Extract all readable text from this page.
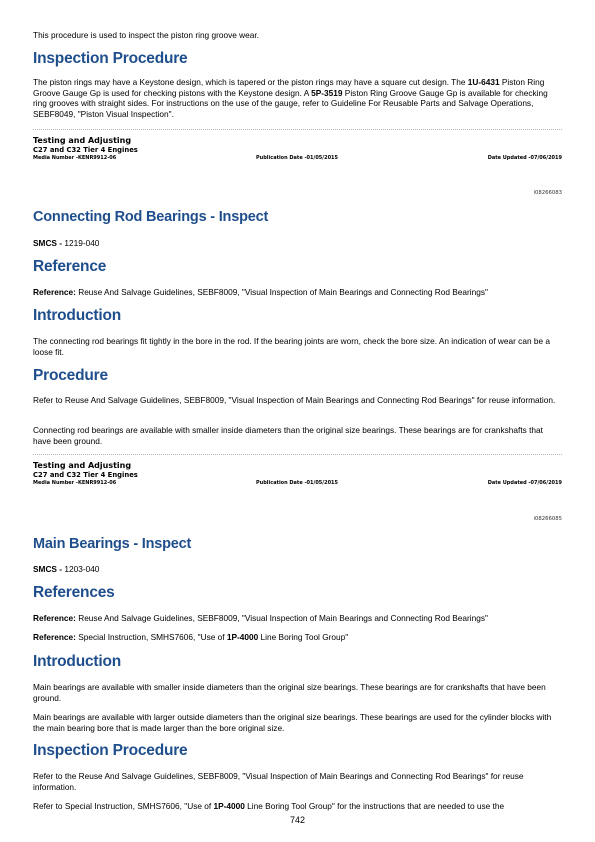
This procedure is used to inspect the piston ring groove wear.

Inspection Procedure

The piston rings may have a Keystone design, which is tapered or the piston rings may have a square cut design. The 1U-6431 Piston Ring Groove Gauge Gp is used for checking pistons with the Keystone design. A 5P-3519 Piston Ring Groove Gauge Gp is available for checking ring grooves with straight sides. For instructions on the use of the gauge, refer to Guideline For Reusable Parts and Salvage Operations, SEBF8049, "Piston Visual Inspection".

Testing and Adjusting
C27 and C32 Tier 4 Engines
Media Number -KENR9912-06	Publication Date -01/05/2015	Date Updated -07/06/2019
i08266083
Connecting Rod Bearings - Inspect

SMCS - 1219-040

Reference

Reference: Reuse And Salvage Guidelines, SEBF8009, "Visual Inspection of Main Bearings and Connecting Rod Bearings"

Introduction

The connecting rod bearings fit tightly in the bore in the rod. If the bearing joints are worn, check the bore size. An indication of wear can be a loose fit.

Procedure

Refer to Reuse And Salvage Guidelines, SEBF8009, "Visual Inspection of Main Bearings and Connecting Rod Bearings" for reuse information.

Connecting rod bearings are available with smaller inside diameters than the original size bearings. These bearings are for crankshafts that have been ground.

Testing and Adjusting
C27 and C32 Tier 4 Engines
Media Number -KENR9912-06	Publication Date -01/05/2015	Date Updated -07/06/2019
i08266085
Main Bearings - Inspect

SMCS - 1203-040

References

Reference: Reuse And Salvage Guidelines, SEBF8009, "Visual Inspection of Main Bearings and Connecting Rod Bearings"

Reference: Special Instruction, SMHS7606, "Use of 1P-4000 Line Boring Tool Group"

Introduction

Main bearings are available with smaller inside diameters than the original size bearings. These bearings are for crankshafts that have been ground.

Main bearings are available with larger outside diameters than the original size bearings. These bearings are used for the cylinder blocks with the main bearing bore that is made larger than the bore original size.

Inspection Procedure

Refer to the Reuse And Salvage Guidelines, SEBF8009, "Visual Inspection of Main Bearings and Connecting Rod Bearings" for reuse information.

Refer to Special Instruction, SMHS7606, "Use of 1P-4000 Line Boring Tool Group" for the instructions that are needed to use the

742
